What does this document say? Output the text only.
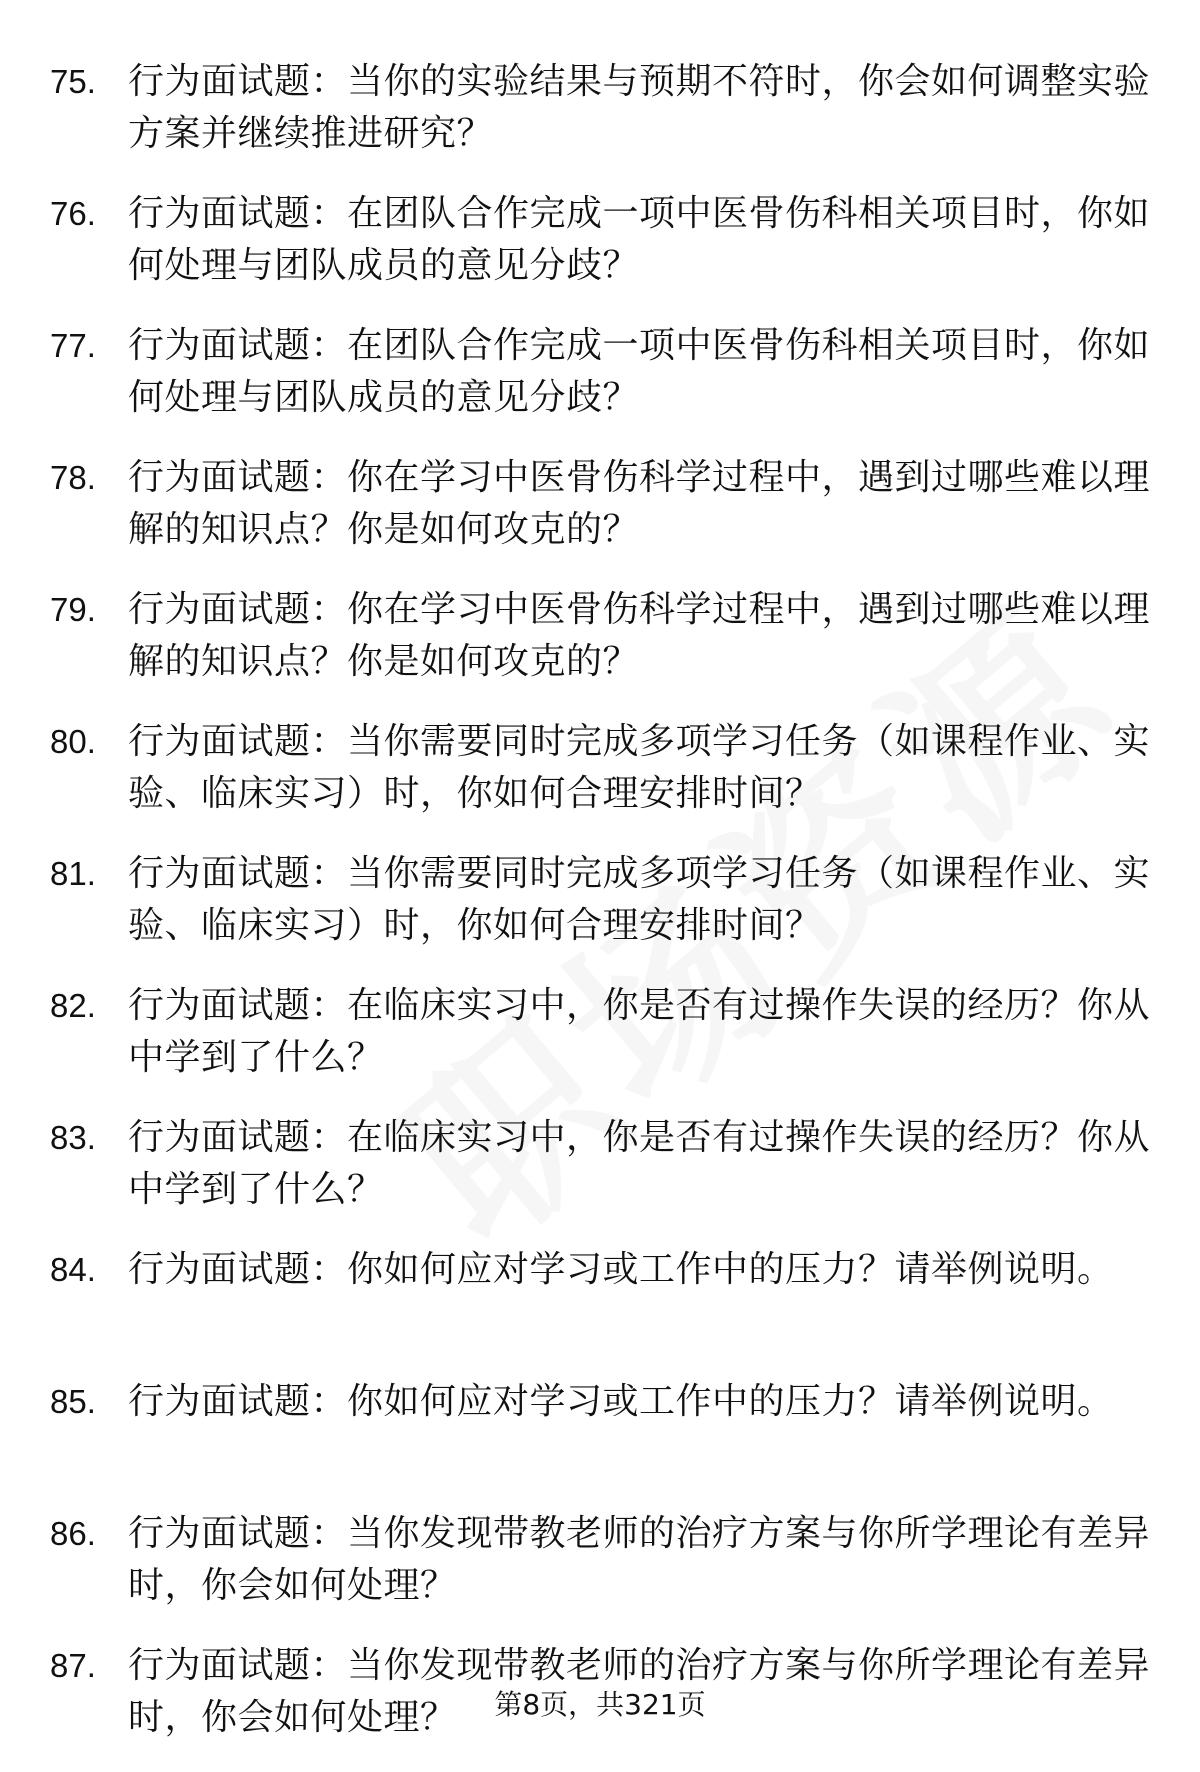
75. 行为面试题：当你的实验结果与预期不符时，你会如何调整实验方案并继续推进研究？
76. 行为面试题：在团队合作完成一项中医骨伤科相关项目时，你如何处理与团队成员的意见分歧？
77. 行为面试题：在团队合作完成一项中医骨伤科相关项目时，你如何处理与团队成员的意见分歧？
78. 行为面试题：你在学习中医骨伤科学过程中，遇到过哪些难以理解的知识点？你是如何攻克的？
79. 行为面试题：你在学习中医骨伤科学过程中，遇到过哪些难以理解的知识点？你是如何攻克的？
80. 行为面试题：当你需要同时完成多项学习任务（如课程作业、实验、临床实习）时，你如何合理安排时间？
81. 行为面试题：当你需要同时完成多项学习任务（如课程作业、实验、临床实习）时，你如何合理安排时间？
82. 行为面试题：在临床实习中，你是否有过操作失误的经历？你从中学到了什么？
83. 行为面试题：在临床实习中，你是否有过操作失误的经历？你从中学到了什么？
84. 行为面试题：你如何应对学习或工作中的压力？请举例说明。
85. 行为面试题：你如何应对学习或工作中的压力？请举例说明。
86. 行为面试题：当你发现带教老师的治疗方案与你所学理论有差异时，你会如何处理？
87. 行为面试题：当你发现带教老师的治疗方案与你所学理论有差异时，你会如何处理？	第8页，共321页
